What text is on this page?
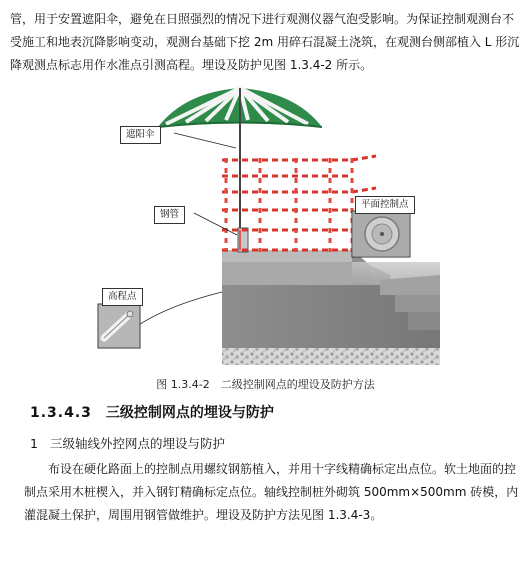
管，用于安置遮阳伞，避免在日照强烈的情况下进行观测仪器气泡受影响。为保证控制观测台不受施工和地表沉降影响变动，观测台基础下挖 2m 用碎石混凝土浇筑，在观测台侧部植入 L 形沉降观测点标志用作水准点引测高程。埋设及防护见图 1.3.4-2 所示。
遮阳伞
钢管
平面控制点
高程点
图 1.3.4-2　二级控制网点的埋设及防护方法
1.3.4.3 三级控制网点的埋设与防护
1 三级轴线外控网点的埋设与防护
布设在硬化路面上的控制点用螺纹钢筋植入，并用十字线精确标定出点位。软土地面的控制点采用木桩楔入，并入钢钉精确标定点位。轴线控制桩外砌筑 500mm×500mm 砖模，内灌混凝土保护，周围用钢管做维护。埋设及防护方法见图 1.3.4-3。
